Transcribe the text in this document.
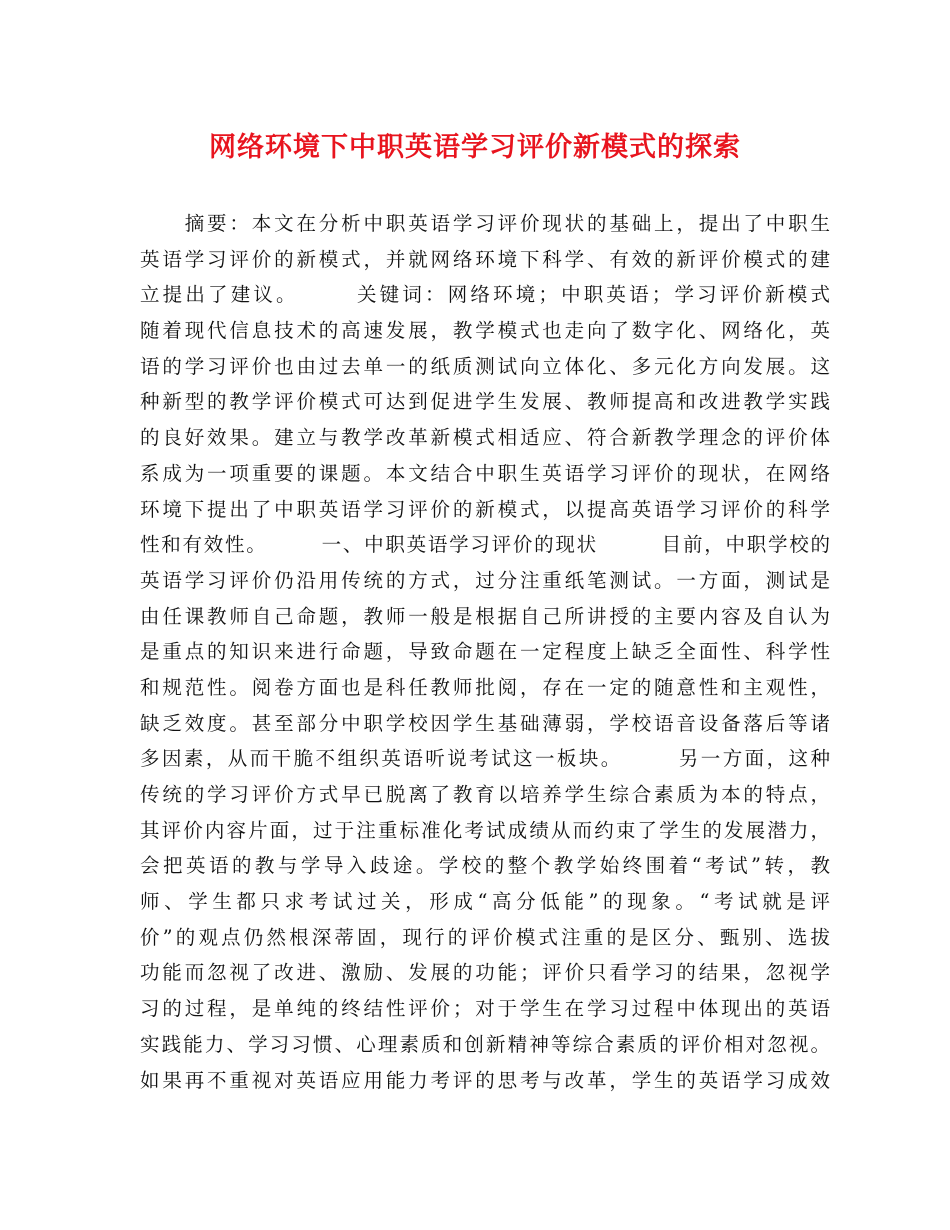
网络环境下中职英语学习评价新模式的探索
　　摘要：本文在分析中职英语学习评价现状的基础上，提出了中职生
英语学习评价的新模式，并就网络环境下科学、有效的新评价模式的建
立提出了建议。　　　关键词：网络环境；中职英语；学习评价新模式
随着现代信息技术的高速发展，教学模式也走向了数字化、网络化，英
语的学习评价也由过去单一的纸质测试向立体化、多元化方向发展。这
种新型的教学评价模式可达到促进学生发展、教师提高和改进教学实践
的良好效果。建立与教学改革新模式相适应、符合新教学理念的评价体
系成为一项重要的课题。本文结合中职生英语学习评价的现状，在网络
环境下提出了中职英语学习评价的新模式，以提高英语学习评价的科学
性和有效性。　　　一、中职英语学习评价的现状　　　目前，中职学校的
英语学习评价仍沿用传统的方式，过分注重纸笔测试。一方面，测试是
由任课教师自己命题，教师一般是根据自己所讲授的主要内容及自认为
是重点的知识来进行命题，导致命题在一定程度上缺乏全面性、科学性
和规范性。阅卷方面也是科任教师批阅，存在一定的随意性和主观性，
缺乏效度。甚至部分中职学校因学生基础薄弱，学校语音设备落后等诸
多因素，从而干脆不组织英语听说考试这一板块。　　　另一方面，这种
传统的学习评价方式早已脱离了教育以培养学生综合素质为本的特点，
其评价内容片面，过于注重标准化考试成绩从而约束了学生的发展潜力，
会把英语的教与学导入歧途。学校的整个教学始终围着“考试”转，教
师、学生都只求考试过关，形成“高分低能”的现象。“考试就是评
价”的观点仍然根深蒂固，现行的评价模式注重的是区分、甄别、选拔
功能而忽视了改进、激励、发展的功能；评价只看学习的结果，忽视学
习的过程，是单纯的终结性评价；对于学生在学习过程中体现出的英语
实践能力、学习习惯、心理素质和创新精神等综合素质的评价相对忽视。
如果再不重视对英语应用能力考评的思考与改革，学生的英语学习成效
